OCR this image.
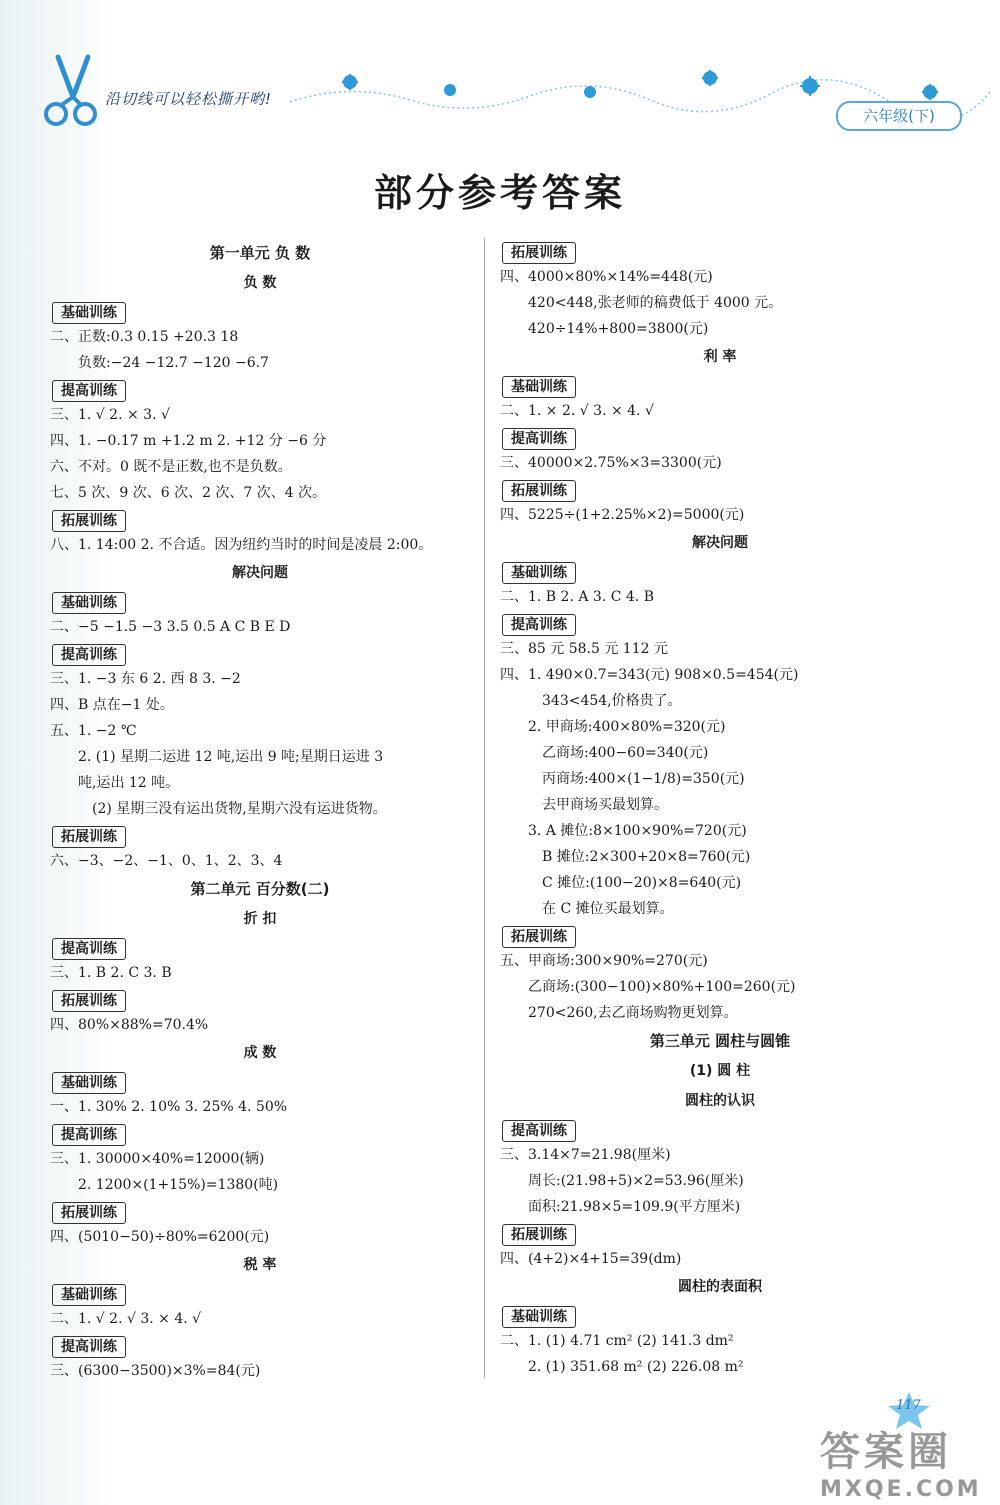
沿切线可以轻松撕开哟!
六年级(下)
部分参考答案
第一单元 负 数
负 数
基础训练
二、正数:0.3 0.15 +20.3 18
负数:−24 −12.7 −120 −6.7
提高训练
三、1. √ 2. × 3. √
四、1. −0.17 m +1.2 m 2. +12 分 −6 分
六、不对。0 既不是正数,也不是负数。
七、5 次、9 次、6 次、2 次、7 次、4 次。
拓展训练
八、1. 14:00 2. 不合适。因为纽约当时的时间是凌晨 2:00。
解决问题
基础训练
二、−5 −1.5 −3 3.5 0.5 A C B E D
提高训练
三、1. −3 东 6 2. 西 8 3. −2
四、B 点在−1 处。
五、1. −2 ℃
2. (1) 星期二运进 12 吨,运出 9 吨;星期日运进 3
吨,运出 12 吨。
(2) 星期三没有运出货物,星期六没有运进货物。
拓展训练
六、−3、−2、−1、0、1、2、3、4
第二单元 百分数(二)
折 扣
提高训练
三、1. B 2. C 3. B
拓展训练
四、80%×88%=70.4%
成 数
基础训练
一、1. 30% 2. 10% 3. 25% 4. 50%
提高训练
三、1. 30000×40%=12000(辆)
2. 1200×(1+15%)=1380(吨)
拓展训练
四、(5010−50)÷80%=6200(元)
税 率
基础训练
二、1. √ 2. √ 3. × 4. √
提高训练
三、(6300−3500)×3%=84(元)
拓展训练
四、4000×80%×14%=448(元)
420<448,张老师的稿费低于 4000 元。
420÷14%+800=3800(元)
利 率
基础训练
二、1. × 2. √ 3. × 4. √
提高训练
三、40000×2.75%×3=3300(元)
拓展训练
四、5225÷(1+2.25%×2)=5000(元)
解决问题
基础训练
二、1. B 2. A 3. C 4. B
提高训练
三、85 元 58.5 元 112 元
四、1. 490×0.7=343(元) 908×0.5=454(元)
343<454,价格贵了。
2. 甲商场:400×80%=320(元)
乙商场:400−60=340(元)
丙商场:400×(1−1/8)=350(元)
去甲商场买最划算。
3. A 摊位:8×100×90%=720(元)
B 摊位:2×300+20×8=760(元)
C 摊位:(100−20)×8=640(元)
在 C 摊位买最划算。
拓展训练
五、甲商场:300×90%=270(元)
乙商场:(300−100)×80%+100=260(元)
270<260,去乙商场购物更划算。
第三单元 圆柱与圆锥
(1) 圆 柱
圆柱的认识
提高训练
三、3.14×7=21.98(厘米)
周长:(21.98+5)×2=53.96(厘米)
面积:21.98×5=109.9(平方厘米)
拓展训练
四、(4+2)×4+15=39(dm)
圆柱的表面积
基础训练
二、1. (1) 4.71 cm² (2) 141.3 dm²
2. (1) 351.68 m² (2) 226.08 m²
117
答案圈
MXQE.COM
